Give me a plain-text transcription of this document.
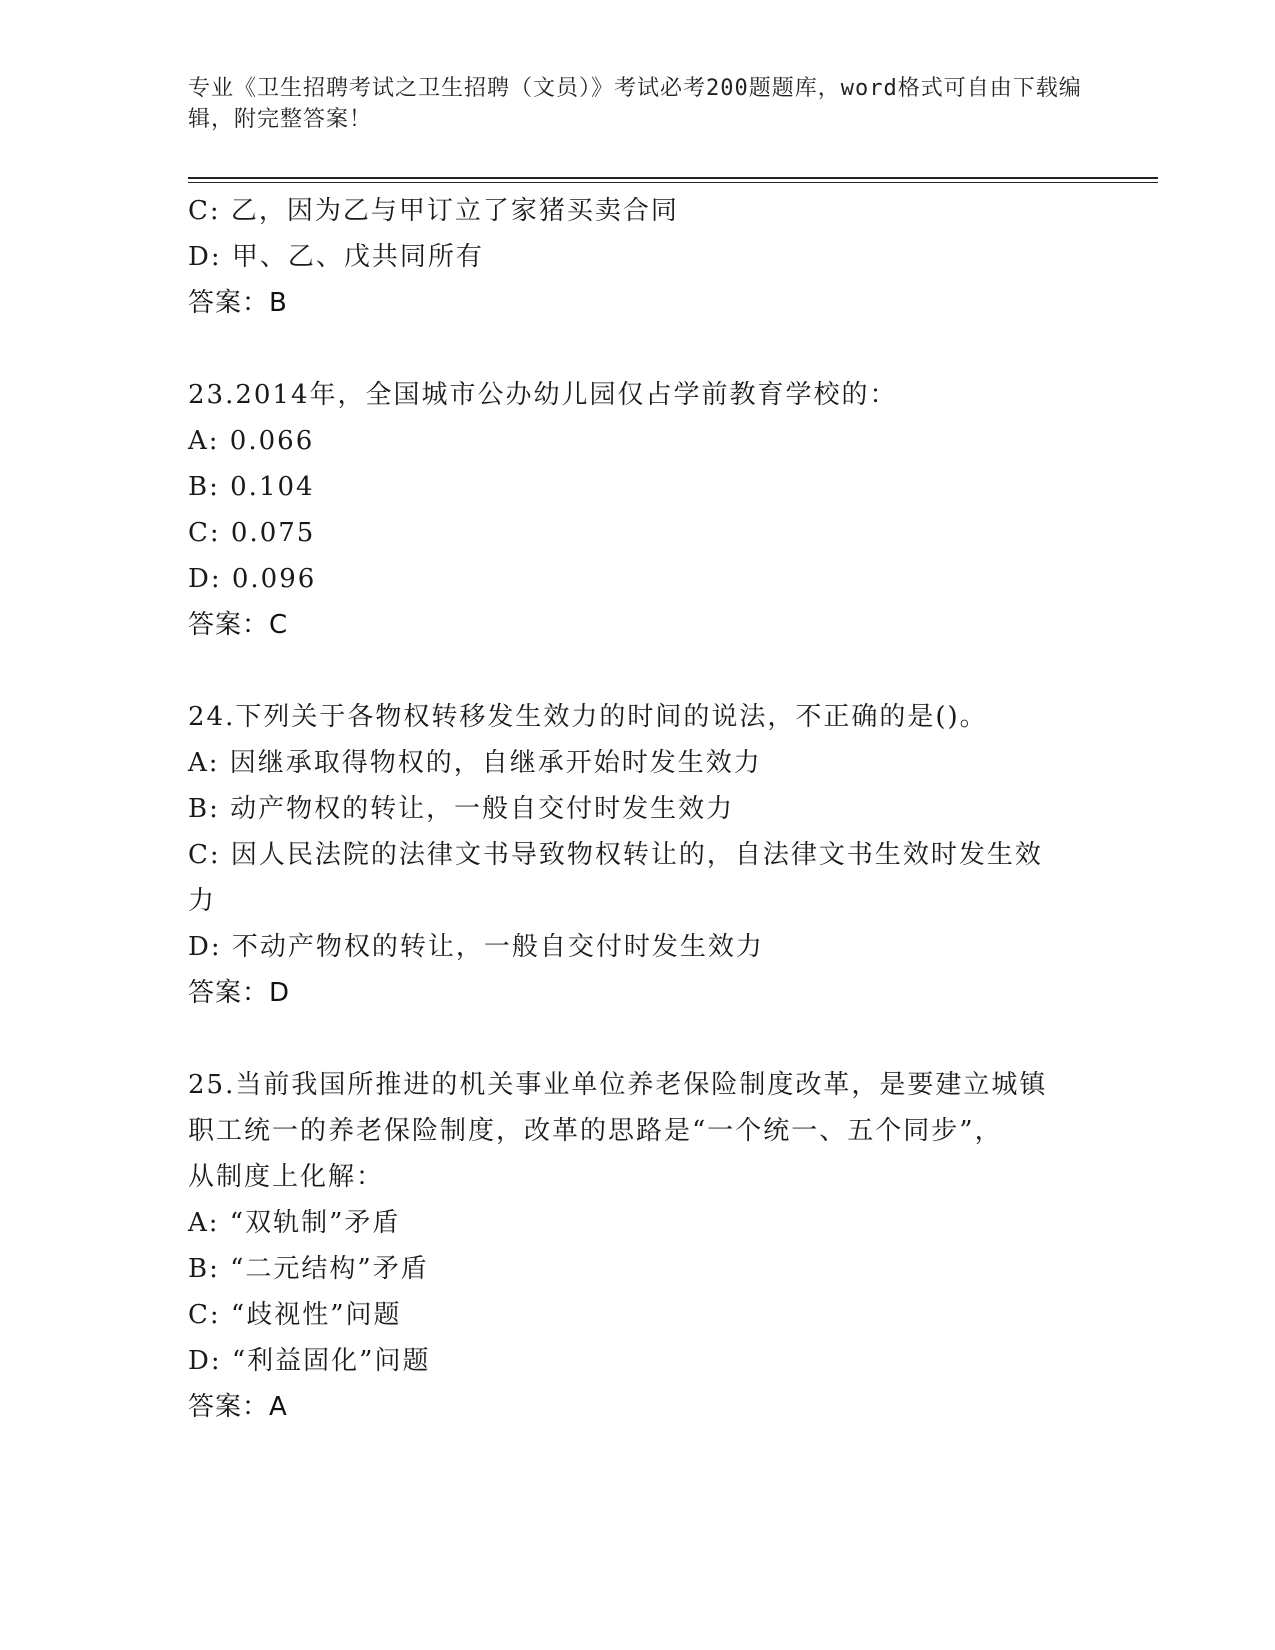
专业《卫生招聘考试之卫生招聘（文员）》考试必考200题题库，word格式可自由下载编辑，附完整答案！
C: 乙，因为乙与甲订立了家猪买卖合同
D: 甲、乙、戊共同所有
答案：B
23.2014年，全国城市公办幼儿园仅占学前教育学校的：
A: 0.066
B: 0.104
C: 0.075
D: 0.096
答案：C
24.下列关于各物权转移发生效力的时间的说法，不正确的是()。
A: 因继承取得物权的，自继承开始时发生效力
B: 动产物权的转让，一般自交付时发生效力
C: 因人民法院的法律文书导致物权转让的，自法律文书生效时发生效
力
D: 不动产物权的转让，一般自交付时发生效力
答案：D
25.当前我国所推进的机关事业单位养老保险制度改革，是要建立城镇
职工统一的养老保险制度，改革的思路是“一个统一、五个同步”，
从制度上化解：
A: “双轨制”矛盾
B: “二元结构”矛盾
C: “歧视性”问题
D: “利益固化”问题
答案：A
